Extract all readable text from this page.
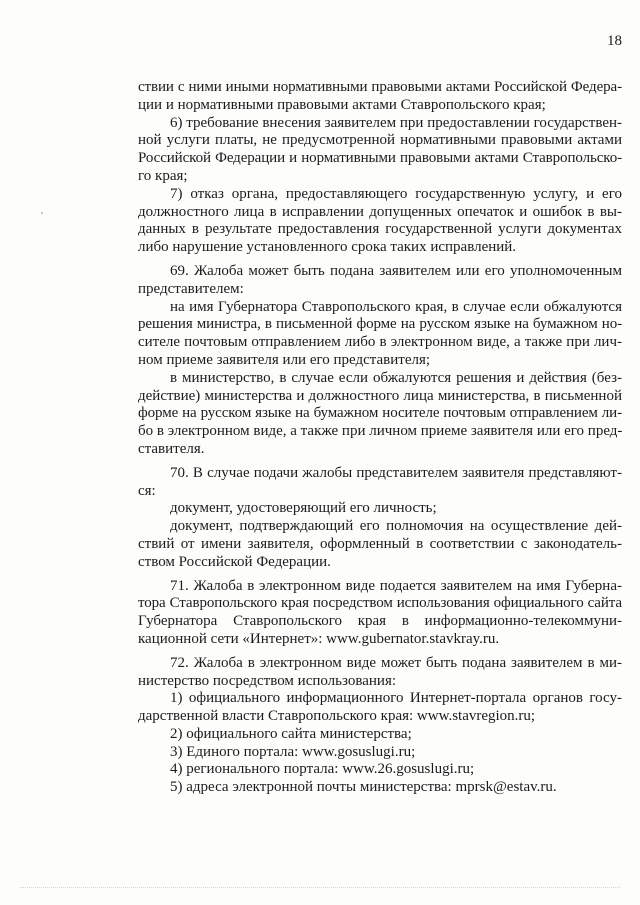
18
ствии с ними иными нормативными правовыми актами Российской Федера-
ции и нормативными правовыми актами Ставропольского края;
6) требование внесения заявителем при предоставлении государствен-
ной услуги платы, не предусмотренной нормативными правовыми актами
Российской Федерации и нормативными правовыми актами Ставропольско-
го края;
7) отказ органа, предоставляющего государственную услугу, и его
должностного лица в исправлении допущенных опечаток и ошибок в вы-
данных в результате предоставления государственной услуги документах
либо нарушение установленного срока таких исправлений.
69. Жалоба может быть подана заявителем или его уполномоченным
представителем:
на имя Губернатора Ставропольского края, в случае если обжалуются
решения министра, в письменной форме на русском языке на бумажном но-
сителе почтовым отправлением либо в электронном виде, а также при лич-
ном приеме заявителя или его представителя;
в министерство, в случае если обжалуются решения и действия (без-
действие) министерства и должностного лица министерства, в письменной
форме на русском языке на бумажном носителе почтовым отправлением ли-
бо в электронном виде, а также при личном приеме заявителя или его пред-
ставителя.
70. В случае подачи жалобы представителем заявителя представляют-
ся:
документ, удостоверяющий его личность;
документ, подтверждающий его полномочия на осуществление дей-
ствий от имени заявителя, оформленный в соответствии с законодатель-
ством Российской Федерации.
71. Жалоба в электронном виде подается заявителем на имя Губерна-
тора Ставропольского края посредством использования официального сайта
Губернатора Ставропольского края в информационно-телекоммуни-
кационной сети «Интернет»: www.gubernator.stavkray.ru.
72. Жалоба в электронном виде может быть подана заявителем в ми-
нистерство посредством использования:
1) официального информационного Интернет-портала органов госу-
дарственной власти Ставропольского края: www.stavregion.ru;
2) официального сайта министерства;
3) Единого портала: www.gosuslugi.ru;
4) регионального портала: www.26.gosuslugi.ru;
5) адреса электронной почты министерства: mprsk@estav.ru.
